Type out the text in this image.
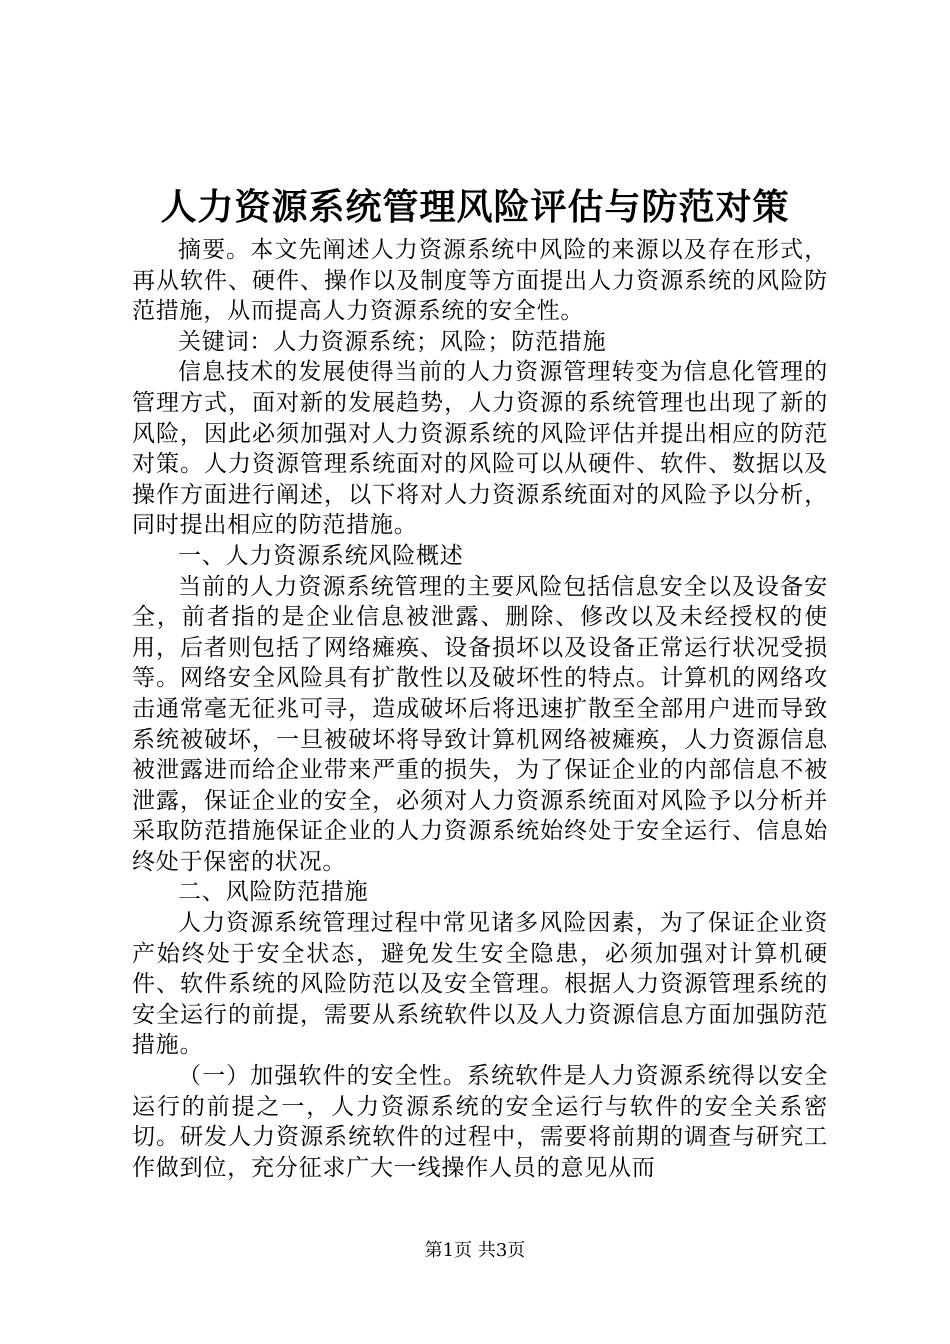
人力资源系统管理风险评估与防范对策

摘要。本文先阐述人力资源系统中风险的来源以及存在形式，再从软件、硬件、操作以及制度等方面提出人力资源系统的风险防范措施，从而提高人力资源系统的安全性。

关键词：人力资源系统；风险；防范措施

信息技术的发展使得当前的人力资源管理转变为信息化管理的管理方式，面对新的发展趋势，人力资源的系统管理也出现了新的风险，因此必须加强对人力资源系统的风险评估并提出相应的防范对策。人力资源管理系统面对的风险可以从硬件、软件、数据以及操作方面进行阐述，以下将对人力资源系统面对的风险予以分析，同时提出相应的防范措施。

一、人力资源系统风险概述

当前的人力资源系统管理的主要风险包括信息安全以及设备安全，前者指的是企业信息被泄露、删除、修改以及未经授权的使用，后者则包括了网络瘫痪、设备损坏以及设备正常运行状况受损等。网络安全风险具有扩散性以及破坏性的特点。计算机的网络攻击通常毫无征兆可寻，造成破坏后将迅速扩散至全部用户进而导致系统被破坏，一旦被破坏将导致计算机网络被瘫痪，人力资源信息被泄露进而给企业带来严重的损失，为了保证企业的内部信息不被泄露，保证企业的安全，必须对人力资源系统面对风险予以分析并采取防范措施保证企业的人力资源系统始终处于安全运行、信息始终处于保密的状况。

二、风险防范措施

人力资源系统管理过程中常见诸多风险因素，为了保证企业资产始终处于安全状态，避免发生安全隐患，必须加强对计算机硬件、软件系统的风险防范以及安全管理。根据人力资源管理系统的安全运行的前提，需要从系统软件以及人力资源信息方面加强防范措施。

（一）加强软件的安全性。系统软件是人力资源系统得以安全运行的前提之一，人力资源系统的安全运行与软件的安全关系密切。研发人力资源系统软件的过程中，需要将前期的调查与研究工作做到位，充分征求广大一线操作人员的意见从而

第1页 共3页
